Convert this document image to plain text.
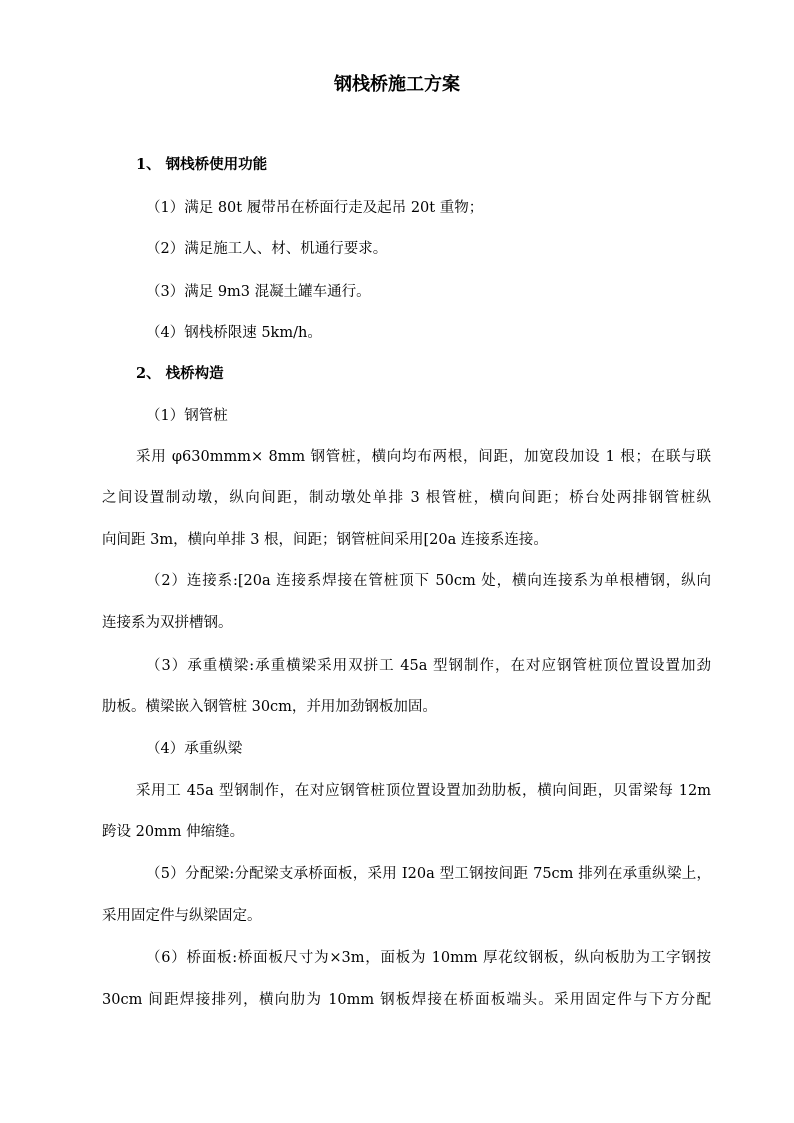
钢栈桥施工方案
1、 钢栈桥使用功能
（1）满足 80t 履带吊在桥面行走及起吊 20t 重物；
（2）满足施工人、材、机通行要求。
（3）满足 9m3 混凝土罐车通行。
（4）钢栈桥限速 5km/h。
2、 栈桥构造
（1）钢管桩
采用 φ630mmm× 8mm 钢管桩，横向均布两根，间距，加宽段加设 1 根；在联与联
之间设置制动墩，纵向间距，制动墩处单排 3 根管桩，横向间距；桥台处两排钢管桩纵
向间距 3m，横向单排 3 根，间距；钢管桩间采用[20a 连接系连接。
（2）连接系:[20a 连接系焊接在管桩顶下 50cm 处，横向连接系为单根槽钢，纵向
连接系为双拼槽钢。
（3）承重横梁:承重横梁采用双拼工 45a 型钢制作，在对应钢管桩顶位置设置加劲
肋板。横梁嵌入钢管桩 30cm，并用加劲钢板加固。
（4）承重纵梁
采用工 45a 型钢制作，在对应钢管桩顶位置设置加劲肋板，横向间距，贝雷梁每 12m
跨设 20mm 伸缩缝。
（5）分配梁:分配梁支承桥面板，采用 I20a 型工钢按间距 75cm 排列在承重纵梁上，
采用固定件与纵梁固定。
（6）桥面板:桥面板尺寸为×3m，面板为 10mm 厚花纹钢板，纵向板肋为工字钢按
30cm 间距焊接排列，横向肋为 10mm 钢板焊接在桥面板端头。采用固定件与下方分配
